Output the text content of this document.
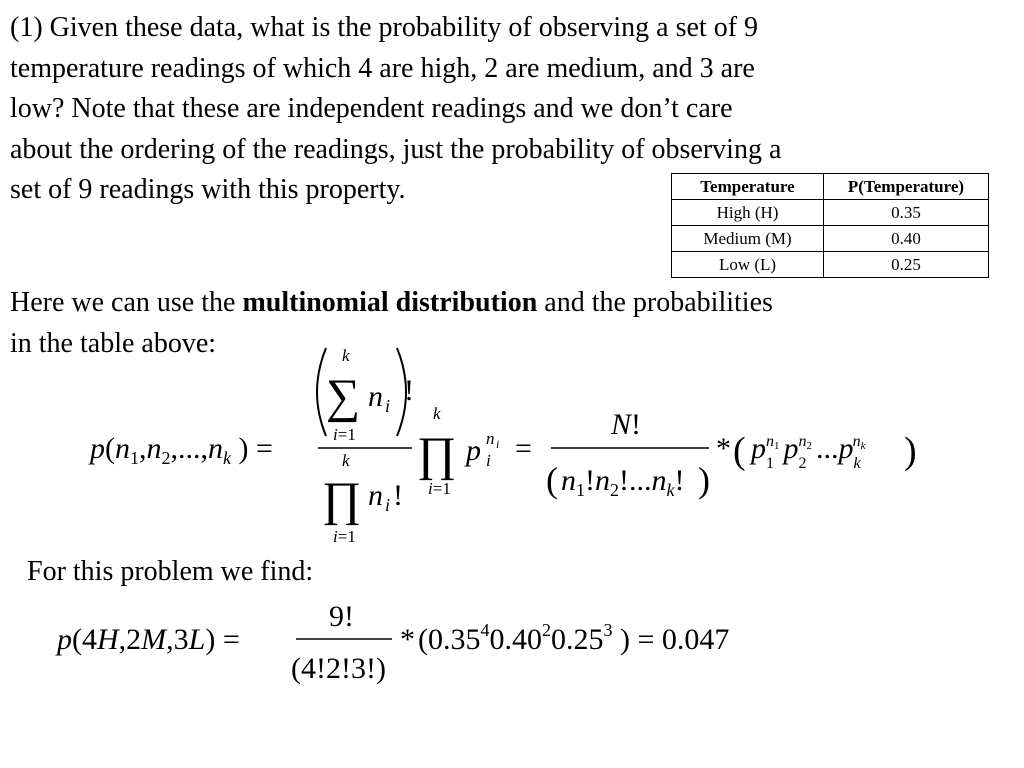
(1) Given these data, what is the probability of observing a set of 9
temperature readings of which 4 are high, 2 are medium, and 3 are
low? Note that these are independent readings and we don’t care
about the ordering of the readings, just the probability of observing a
set of 9 readings with this property.	Temperature	P(Temperature)
High (H)	0.35
Medium (M)	0.40
Low (L)	0.25
Here we can use the multinomial distribution and the probabilities
in the table above:
For this problem we find:
$p(n_1,n_2,...,n_k$ ) =
k
∑ n i
i=1
!
k
∏ n i !
i=1
k
∏
i=1
p n i
i =
N!
( $n_1!n_2!...n_k$! )
* ( $p_1n1$ $p_2n2$ $...p_knk$ )
p(4H,2M,3L) =
9!
(4!2!3!)
* (0.35$^4$0.40$^2$0.25$^3$ ) = 0.047
